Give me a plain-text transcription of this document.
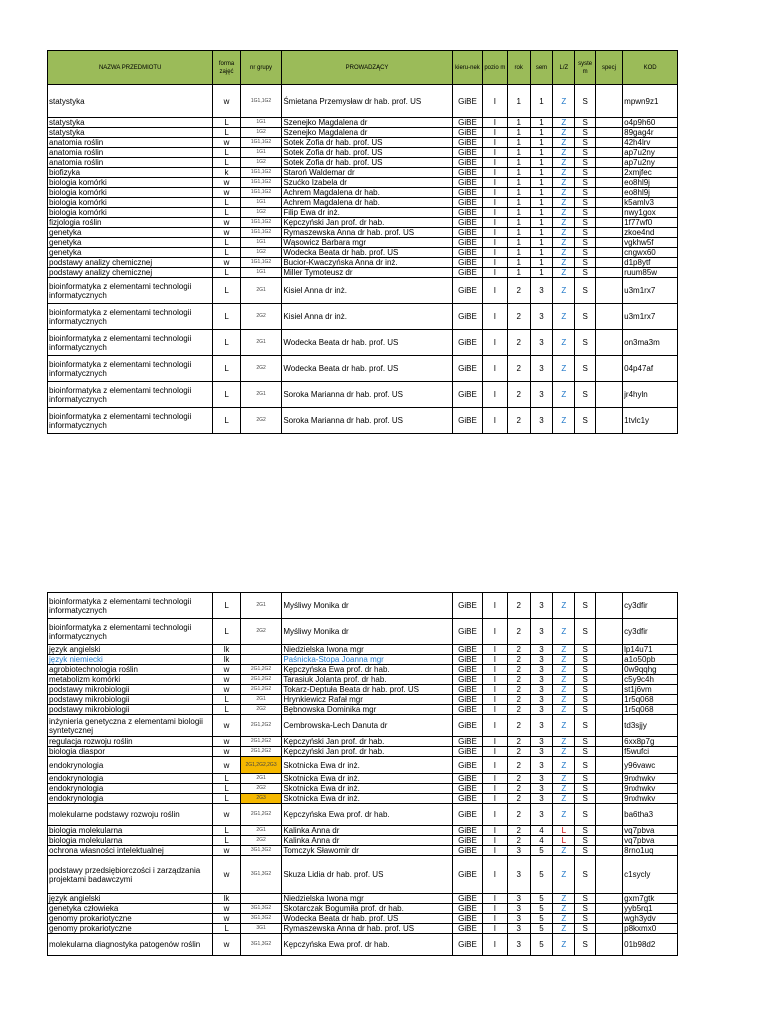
NAZWA PRZEDMIOTU	forma zajęć	nr grupy	PROWADZĄCY	kieru-nek	pozio m	rok	sem	L/Z	syste m	specj	KOD
statystyka	w	1G1,1G2	Śmietana Przemysław dr hab. prof. US	GiBE	I	1	1	Z	S		mpwn9z1
statystyka	L	1G1	Szenejko Magdalena dr	GiBE	I	1	1	Z	S		o4p9h60
statystyka	L	1G2	Szenejko Magdalena dr	GiBE	I	1	1	Z	S		89gag4r
anatomia roślin	w	1G1,1G2	Sotek Zofia dr hab. prof. US	GiBE	I	1	1	Z	S		42h4lrv
anatomia roślin	L	1G1	Sotek Zofia dr hab. prof. US	GiBE	I	1	1	Z	S		ap7u2ny
anatomia roślin	L	1G2	Sotek Zofia dr hab. prof. US	GiBE	I	1	1	Z	S		ap7u2ny
biofizyka	k	1G1,1G2	Staroń Waldemar dr	GiBE	I	1	1	Z	S		2xmjfec
biologia komórki	w	1G1,1G2	Szućko Izabela dr	GiBE	I	1	1	Z	S		eo8hl9j
biologia komórki	w	1G1,1G2	Achrem Magdalena dr hab.	GiBE	I	1	1	Z	S		eo8hl9j
biologia komórki	L	1G1	Achrem Magdalena dr hab.	GiBE	I	1	1	Z	S		k5amlv3
biologia komórki	L	1G2	Filip Ewa dr inż.	GiBE	I	1	1	Z	S		nwy1gox
fizjologia roślin	w	1G1,1G2	Kępczyński Jan prof. dr hab.	GiBE	I	1	1	Z	S		1f77wf0
genetyka	w	1G1,1G2	Rymaszewska Anna dr hab. prof. US	GiBE	I	1	1	Z	S		zkoe4nd
genetyka	L	1G1	Wąsowicz Barbara mgr	GiBE	I	1	1	Z	S		vgkhw5f
genetyka	L	1G2	Wodecka Beata dr hab. prof. US	GiBE	I	1	1	Z	S		cngwx60
podstawy analizy chemicznej	w	1G1,1G2	Bucior-Kwaczyńska Anna dr inż.	GiBE	I	1	1	Z	S		d1p8ytf
podstawy analizy chemicznej	L	1G1	Miller Tymoteusz dr	GiBE	I	1	1	Z	S		ruum85w
bioinformatyka z elementami technologii informatycznych	L	2G1	Kisiel Anna dr inż.	GiBE	I	2	3	Z	S		u3m1rx7
bioinformatyka z elementami technologii informatycznych	L	2G2	Kisiel Anna dr inż.	GiBE	I	2	3	Z	S		u3m1rx7
bioinformatyka z elementami technologii informatycznych	L	2G1	Wodecka Beata dr hab. prof. US	GiBE	I	2	3	Z	S		on3ma3m
bioinformatyka z elementami technologii informatycznych	L	2G2	Wodecka Beata dr hab. prof. US	GiBE	I	2	3	Z	S		04p47af
bioinformatyka z elementami technologii informatycznych	L	2G1	Soroka Marianna dr hab. prof. US	GiBE	I	2	3	Z	S		jr4hyln
bioinformatyka z elementami technologii informatycznych	L	2G2	Soroka Marianna dr hab. prof. US	GiBE	I	2	3	Z	S		1tvlc1y
bioinformatyka z elementami technologii informatycznych	L	2G1	Myśliwy Monika dr	GiBE	I	2	3	Z	S		cy3dfir
bioinformatyka z elementami technologii informatycznych	L	2G2	Myśliwy Monika dr	GiBE	I	2	3	Z	S		cy3dfir
język angielski	lk		Niedzielska Iwona mgr	GiBE	I	2	3	Z	S		lp14u71
język niemiecki	lk		Paśnicka-Stopa Joanna mgr	GiBE	I	2	3	Z	S		a1o50pb
agrobiotechnologia roślin	w	2G1,2G2	Kępczyńska Ewa prof. dr hab.	GiBE	I	2	3	Z	S		0w9qqhg
metabolizm komórki	w	2G1,2G2	Tarasiuk Jolanta prof. dr hab.	GiBE	I	2	3	Z	S		c5y9c4h
podstawy mikrobiologii	w	2G1,2G2	Tokarz-Deptuła Beata dr hab. prof. US	GiBE	I	2	3	Z	S		st1j6vm
podstawy mikrobiologii	L	2G1	Hrynkiewicz Rafał mgr	GiBE	I	2	3	Z	S		1r5q068
podstawy mikrobiologii	L	2G2	Bębnowska Dominika mgr	GiBE	I	2	3	Z	S		1r5q068
inżynieria genetyczna z elementami biologii syntetycznej	w	2G1,2G2	Cembrowska-Lech Danuta dr	GiBE	I	2	3	Z	S		td3sjjy
regulacja rozwoju roślin	w	2G1,2G2	Kępczyński Jan prof. dr hab.	GiBE	I	2	3	Z	S		6xx8p7g
biologia diaspor	w	2G1,2G2	Kępczyński Jan prof. dr hab.	GiBE	I	2	3	Z	S		f5wufci
endokrynologia	w	2G1,2G2,2G3	Skotnicka Ewa dr inż.	GiBE	I	2	3	Z	S		y96vawc
endokrynologia	L	2G1	Skotnicka Ewa dr inż.	GiBE	I	2	3	Z	S		9nxhwkv
endokrynologia	L	2G2	Skotnicka Ewa dr inż.	GiBE	I	2	3	Z	S		9nxhwkv
endokrynologia	L	2G3	Skotnicka Ewa dr inż.	GiBE	I	2	3	Z	S		9nxhwkv
molekularne podstawy rozwoju roślin	w	2G1,2G2	Kępczyńska Ewa prof. dr hab.	GiBE	I	2	3	Z	S		ba6tha3
biologia molekularna	L	2G1	Kalinka Anna dr	GiBE	I	2	4	L	S		vq7pbva
biologia molekularna	L	2G2	Kalinka Anna dr	GiBE	I	2	4	L	S		vq7pbva
ochrona własności intelektualnej	w	3G1,3G2	Tomczyk Sławomir dr	GiBE	I	3	5	Z	S		8rno1uq
podstawy przedsiębiorczości i zarządzania projektami badawczymi	w	3G1,3G2	Skuza Lidia dr hab. prof. US	GiBE	I	3	5	Z	S		c1sycly
język angielski	lk		Niedzielska Iwona mgr	GiBE	I	3	5	Z	S		gxm7gtk
genetyka człowieka	w	3G1,3G2	Skotarczak Bogumiła prof. dr hab.	GiBE	I	3	5	Z	S		yyb5rq1
genomy prokariotyczne	w	3G1,3G2	Wodecka Beata dr hab. prof. US	GiBE	I	3	5	Z	S		wgh3ydv
genomy prokariotyczne	L	3G1	Rymaszewska Anna dr hab. prof. US	GiBE	I	3	5	Z	S		p8kxmx0
molekularna diagnostyka patogenów roślin	w	3G1,3G2	Kępczyńska Ewa prof. dr hab.	GiBE	I	3	5	Z	S		01b98d2
